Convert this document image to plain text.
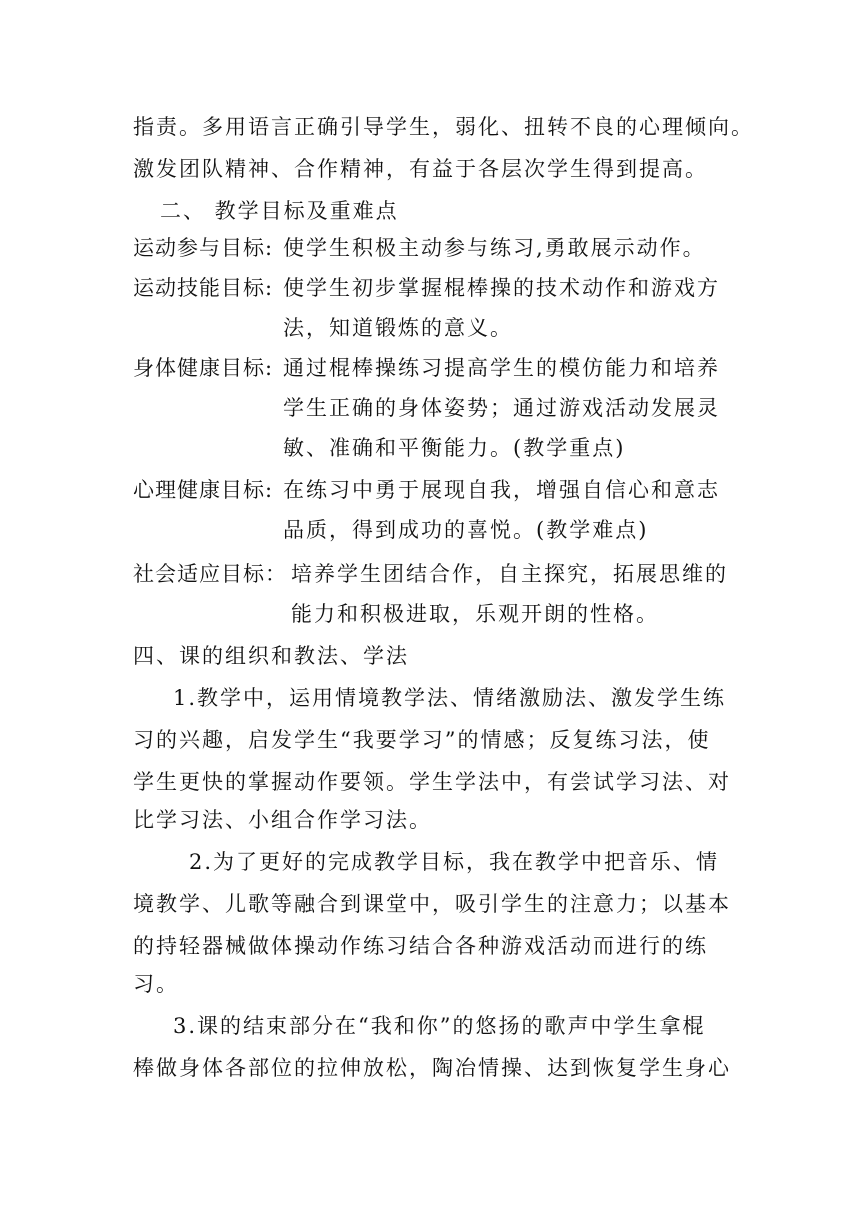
指责。多用语言正确引导学生，弱化、扭转不良的心理倾向。
激发团队精神、合作精神，有益于各层次学生得到提高。
二、 教学目标及重难点
运动参与目标: 使学生积极主动参与练习,勇敢展示动作。
运动技能目标: 使学生初步掌握棍棒操的技术动作和游戏方
法，知道锻炼的意义。
身体健康目标: 通过棍棒操练习提高学生的模仿能力和培养
学生正确的身体姿势；通过游戏活动发展灵
敏、准确和平衡能力。(教学重点)
心理健康目标: 在练习中勇于展现自我，增强自信心和意志
品质，得到成功的喜悦。(教学难点)
社会适应目标： 培养学生团结合作，自主探究，拓展思维的
能力和积极进取，乐观开朗的性格。
四、课的组织和教法、学法
1.教学中，运用情境教学法、情绪激励法、激发学生练
习的兴趣，启发学生“我要学习”的情感；反复练习法，使
学生更快的掌握动作要领。学生学法中，有尝试学习法、对
比学习法、小组合作学习法。
2.为了更好的完成教学目标，我在教学中把音乐、情
境教学、儿歌等融合到课堂中，吸引学生的注意力；以基本
的持轻器械做体操动作练习结合各种游戏活动而进行的练
习。
3.课的结束部分在“我和你”的悠扬的歌声中学生拿棍
棒做身体各部位的拉伸放松，陶冶情操、达到恢复学生身心
